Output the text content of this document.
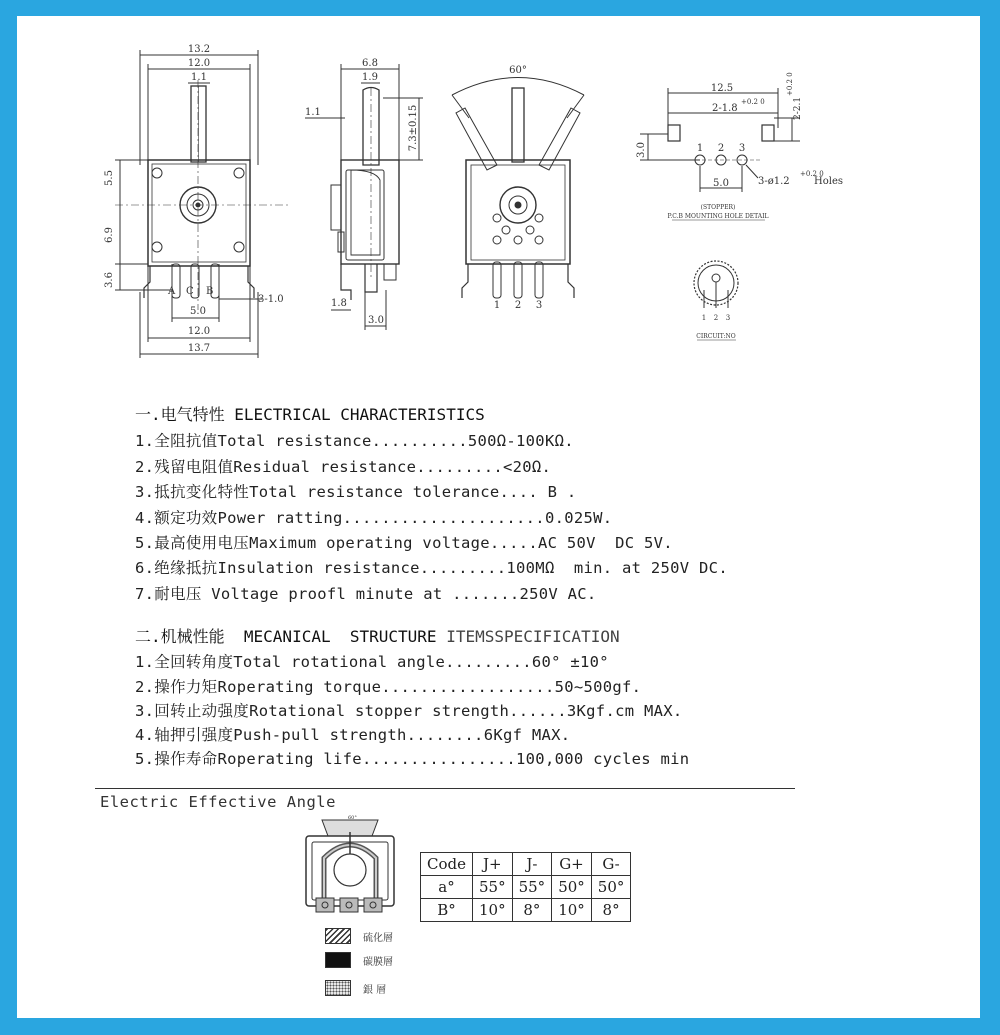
13.2
12.0
1.1
5.5
6.9
3.6
A C B
3-1.0
5.0
12.0
13.7
6.8
1.9
1.1	7.3±0.15
1.8
3.0
60°
1 2 3
12.5
2-1.8
+0.2 0	2-2.1
+0.2 0
3.0	1 2 3
5.0	3-ø1.2
+0.2 0
Holes
(STOPPER)
P.C.B MOUNTING HOLE DETAIL
1 2 3
CIRCUIT:NO
一.电气特性 ELECTRICAL CHARACTERISTICS
1.全阻抗值Total resistance..........500Ω-100KΩ.
2.残留电阻值Residual resistance.........<20Ω.
3.抵抗变化特性Total resistance tolerance.... B .
4.额定功效Power ratting.....................0.025W.
5.最高使用电压Maximum operating voltage.....AC 50V  DC 5V.
6.绝缘抵抗Insulation resistance.........100MΩ  min. at 250V DC.
7.耐电压 Voltage proofl minute at .......250V AC.
二.机械性能  MECANICAL  STRUCTURE ITEMSSPECIFICATION
1.全回转角度Total rotational angle.........60° ±10°
2.操作力矩Roperating torque..................50~500gf.
3.回转止动强度Rotational stopper strength......3Kgf.cm MAX.
4.轴押引强度Push-pull strength........6Kgf MAX.
5.操作寿命Roperating life................100,000 cycles min
Electric Effective Angle
60°
Code	J+	J-	G+	G-
a°	55°	55°	50°	50°
B°	10°	8°	10°	8°
硫化層
碳膜層
銀 層
